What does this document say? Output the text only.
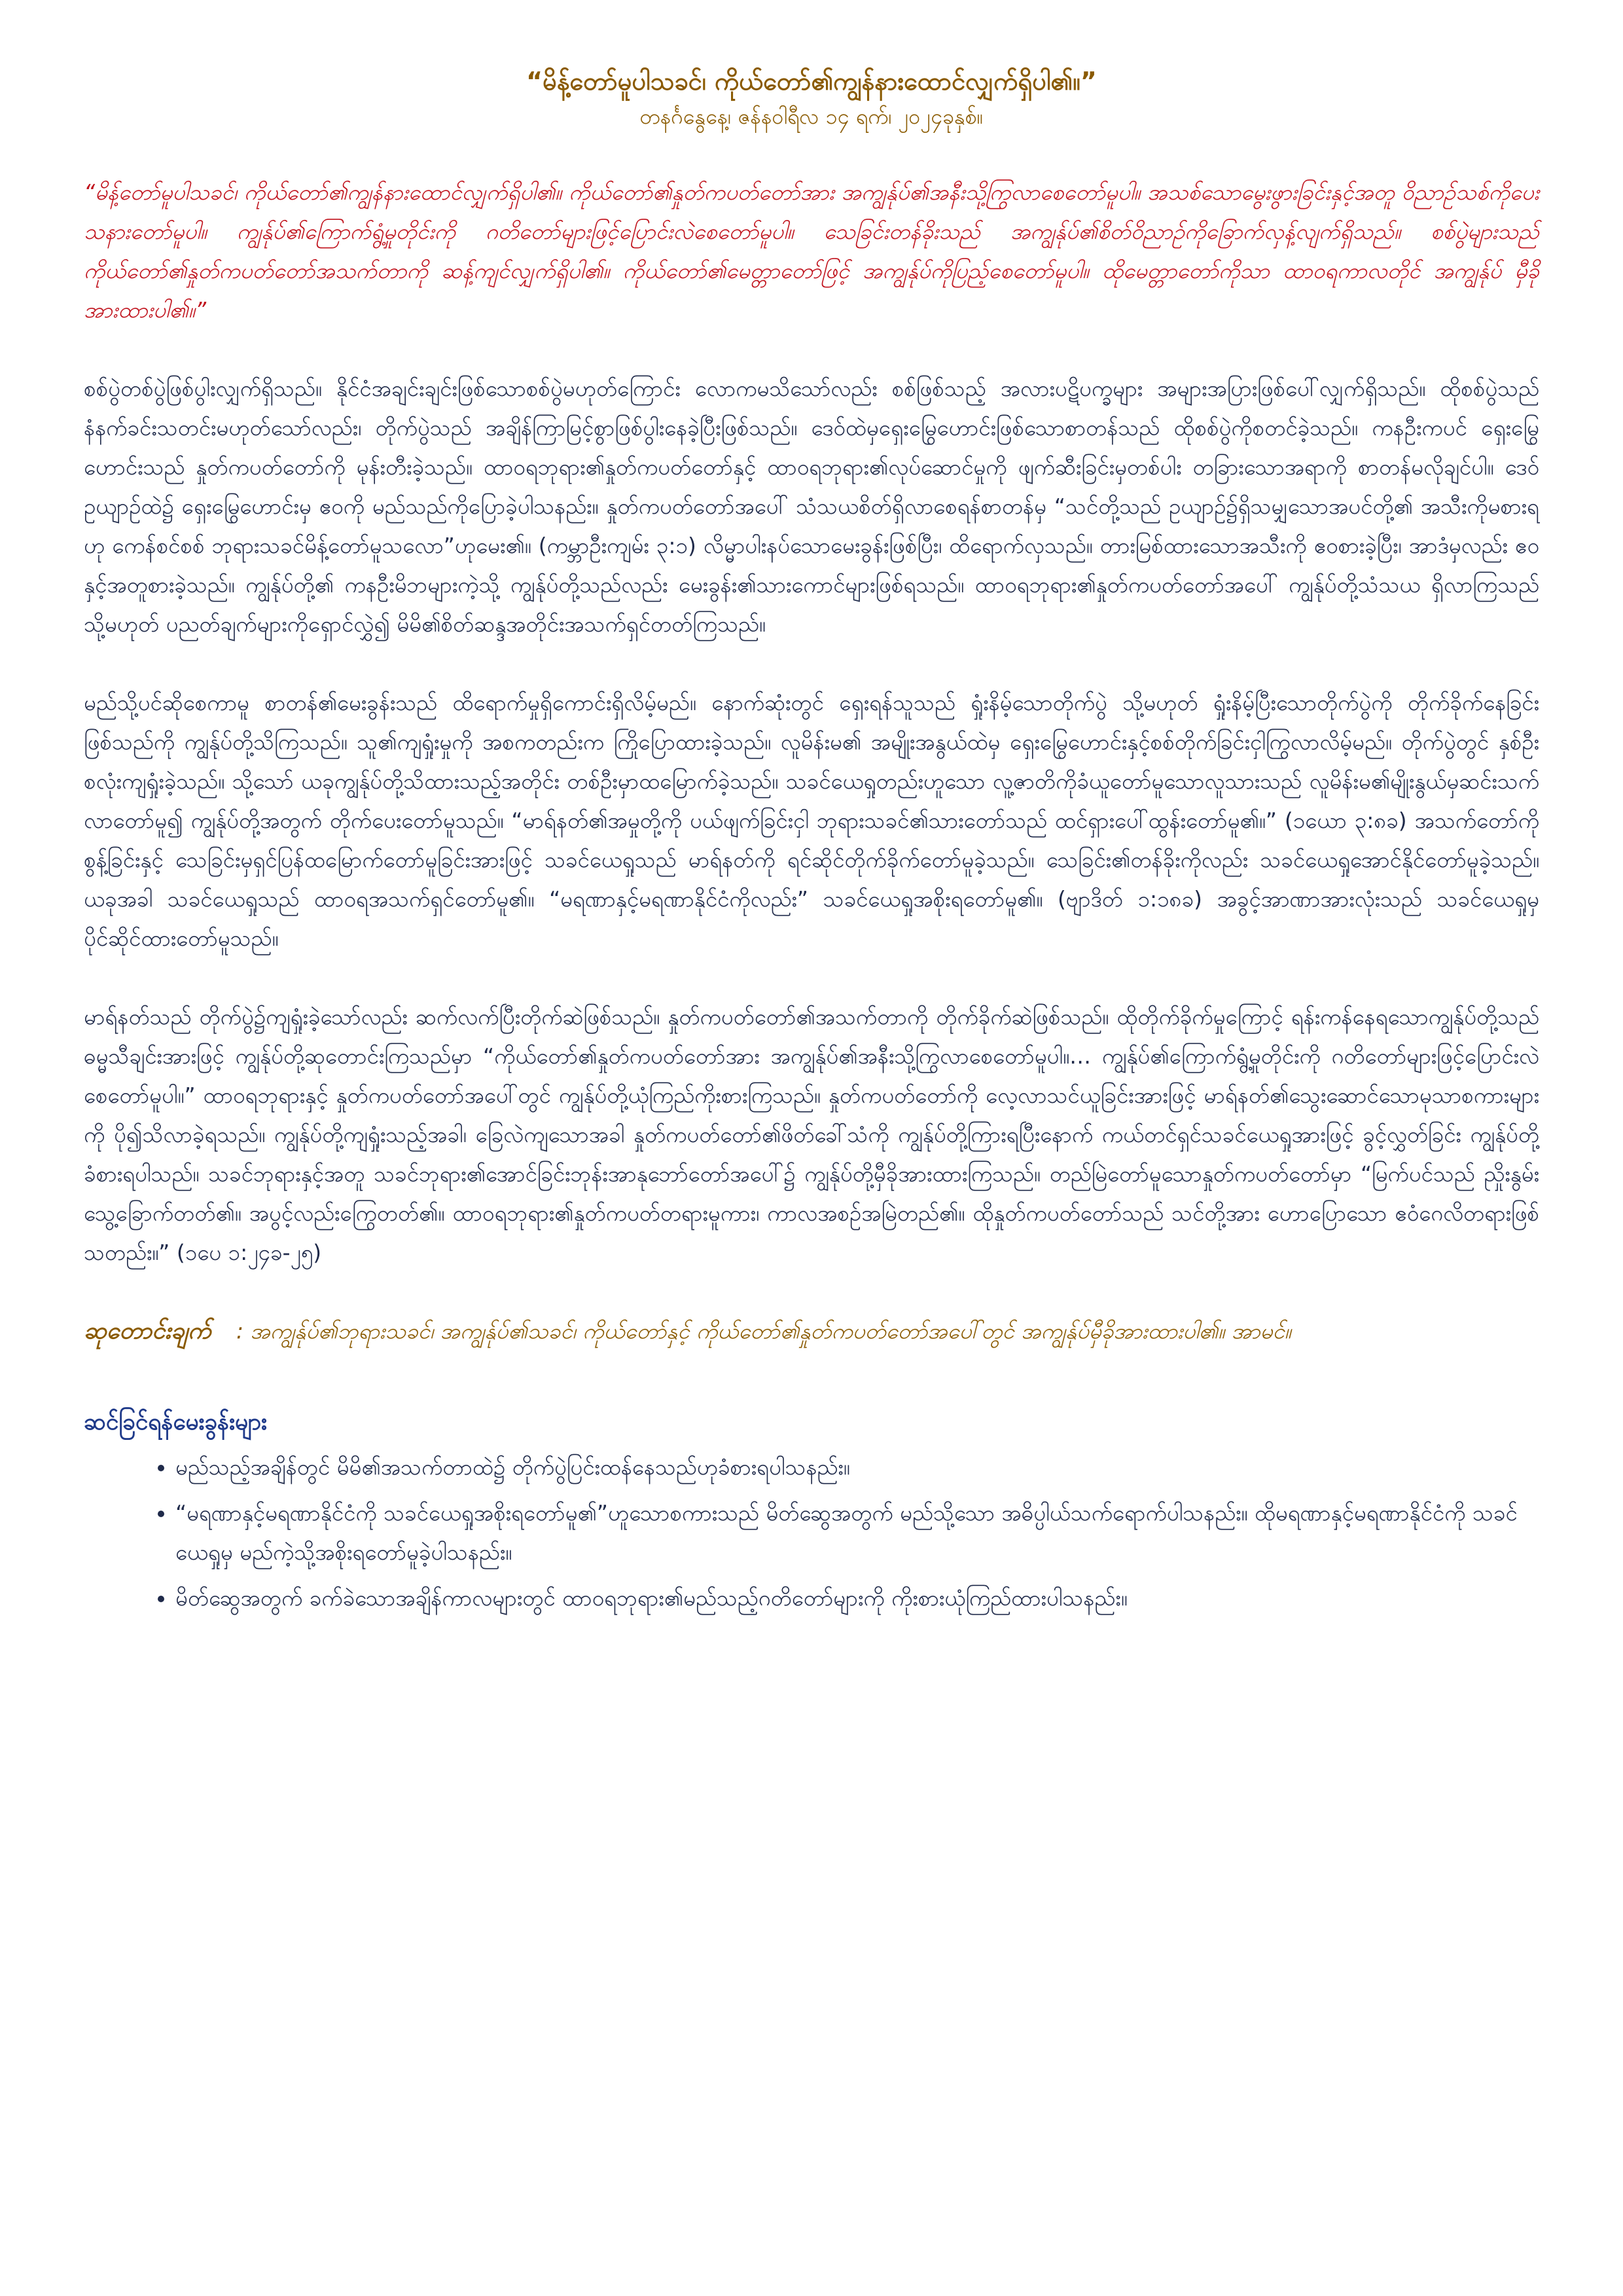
“မိန့်တော်မူပါသခင်၊ ကိုယ်တော်၏ကျွန်နားထောင်လျှက်ရှိပါ၏။”

တနင်္ဂနွေနေ့၊ ဇန်နဝါရီလ ၁၄ ရက်၊ ၂၀၂၄ခုနှစ်။

“မိန့်တော်မူပါသခင်၊ ကိုယ်တော်၏ကျွန်နားထောင်လျှက်ရှိပါ၏။ ကိုယ်တော်၏နှုတ်ကပတ်တော်အား အကျွန်ုပ်၏အနီးသို့ကြွလာစေတော်မူပါ။ အသစ်သောမွေးဖွားခြင်းနှင့်အတူ ဝိညာဉ်သစ်ကိုပေးသနားတော်မူပါ။ ကျွန်ုပ်၏ကြောက်ရွံ့မှုတိုင်းကို ဂတိတော်များဖြင့်ပြောင်းလဲစေတော်မူပါ။ သေခြင်းတန်ခိုးသည် အကျွန်ုပ်၏စိတ်ဝိညာဉ်ကိုခြောက်လှန့်လျက်ရှိသည်။ စစ်ပွဲများသည် ကိုယ်တော်၏နှုတ်ကပတ်တော်အသက်တာကို ဆန့်ကျင်လျှက်ရှိပါ၏။ ကိုယ်တော်၏မေတ္တာတော်ဖြင့် အကျွန်ုပ်ကိုပြည့်စေတော်မူပါ။ ထိုမေတ္တာတော်ကိုသာ ထာဝရကာလတိုင် အကျွန်ုပ် မှီခိုအားထားပါ၏။”
စစ်ပွဲတစ်ပွဲဖြစ်ပွါးလျှက်ရှိသည်။ နိုင်ငံအချင်းချင်းဖြစ်သောစစ်ပွဲမဟုတ်ကြောင်း လောကမသိသော်လည်း စစ်ဖြစ်သည့် အလားပဋိပက္ခများ အများအပြားဖြစ်ပေါ်လျှက်ရှိသည်။ ထိုစစ်ပွဲသည် နံနက်ခင်းသတင်းမဟုတ်သော်လည်း၊ တိုက်ပွဲသည် အချိန်ကြာမြင့်စွာဖြစ်ပွါးနေခဲ့ပြီးဖြစ်သည်။ ဒေဝ်ထဲမှရှေးမြွေဟောင်းဖြစ်သောစာတန်သည် ထိုစစ်ပွဲကိုစတင်ခဲ့သည်။ ကနဦးကပင် ရှေးမြွေဟောင်းသည် နှုတ်ကပတ်တော်ကို မုန်းတီးခဲ့သည်။ ထာဝရဘုရား၏နှုတ်ကပတ်တော်နှင့် ထာဝရဘုရား၏လုပ်ဆောင်မှုကို ဖျက်ဆီးခြင်းမှတစ်ပါး တခြားသောအရာကို စာတန်မလိုချင်ပါ။ ဒေဝ်ဥယျာဉ်ထဲ၌ ရှေးမြွေဟောင်းမှ ဧဝကို မည်သည်ကိုပြောခဲ့ပါသနည်း။ နှုတ်ကပတ်တော်အပေါ် သံသယစိတ်ရှိလာစေရန်စာတန်မှ “သင်တို့သည် ဥယျာဉ်၌ရှိသမျှသောအပင်တို့၏ အသီးကိုမစားရဟု ကေန်စင်စစ် ဘုရားသခင်မိန့်တော်မူသလော”ဟုမေး၏။ (ကမ္ဘာဦးကျမ်း ၃:၁) လိမ္မာပါးနပ်သောမေးခွန်းဖြစ်ပြီး၊ ထိရောက်လှသည်။ တားမြစ်ထားသောအသီးကို ဧဝစားခဲ့ပြီး၊ အာဒံမှလည်း ဧဝနှင့်အတူစားခဲ့သည်။ ကျွန်ုပ်တို့၏ ကနဦးမိဘများကဲ့သို့ ကျွန်ုပ်တို့သည်လည်း မေးခွန်း၏သားကောင်များဖြစ်ရသည်။ ထာဝရဘုရား၏နှုတ်ကပတ်တော်အပေါ် ကျွန်ုပ်တို့သံသယ ရှိလာကြသည် သို့မဟုတ် ပညတ်ချက်များကိုရှောင်လွှဲ၍ မိမိ၏စိတ်ဆန္ဒအတိုင်းအသက်ရှင်တတ်ကြသည်။
မည်သို့ပင်ဆိုစေကာမူ စာတန်၏မေးခွန်းသည် ထိရောက်မှုရှိကောင်းရှိလိမ့်မည်။ နောက်ဆုံးတွင် ရှေးရန်သူသည် ရှုံးနိမ့်သောတိုက်ပွဲ သို့မဟုတ် ရှုံးနိမ့်ပြီးသောတိုက်ပွဲကို တိုက်ခိုက်နေခြင်းဖြစ်သည်ကို ကျွန်ုပ်တို့သိကြသည်။ သူ၏ကျရှုံးမှုကို အစကတည်းက ကြိုပြောထားခဲ့သည်။ လူမိန်းမ၏ အမျိုးအနွယ်ထဲမှ ရှေးမြွေဟောင်းနှင့်စစ်တိုက်ခြင်းငှါကြွလာလိမ့်မည်။ တိုက်ပွဲတွင် နှစ်ဦးစလုံးကျရှုံးခဲ့သည်။ သို့သော် ယခုကျွန်ုပ်တို့သိထားသည့်အတိုင်း တစ်ဦးမှာထမြောက်ခဲ့သည်။ သခင်ယေရှုတည်းဟူသော လူ့ဇာတိကိုခံယူတော်မူသောလူသားသည် လူမိန်းမ၏မျိုးနွယ်မှဆင်းသက်လာတော်မူ၍ ကျွန်ုပ်တို့အတွက် တိုက်ပေးတော်မူသည်။ “မာရ်နတ်၏အမှုတို့ကို ပယ်ဖျက်ခြင်းငှါ ဘုရားသခင်၏သားတော်သည် ထင်ရှားပေါ်ထွန်းတော်မူ၏။” (၁ယော ၃:၈ခ) အသက်တော်ကိုစွန့်ခြင်းနှင့် သေခြင်းမှရှင်ပြန်ထမြောက်တော်မူခြင်းအားဖြင့် သခင်ယေရှုသည် မာရ်နတ်ကို ရင်ဆိုင်တိုက်ခိုက်တော်မူခဲ့သည်။ သေခြင်း၏တန်ခိုးကိုလည်း သခင်ယေရှုအောင်နိုင်တော်မူခဲ့သည်။ ယခုအခါ သခင်ယေရှုသည် ထာဝရအသက်ရှင်တော်မူ၏။ “မရဏာနှင့်မရဏာနိုင်ငံကိုလည်း” သခင်ယေရှုအစိုးရတော်မူ၏။ (ဗျာဒိတ် ၁:၁၈ခ) အခွင့်အာဏာအားလုံးသည် သခင်ယေရှုမှ ပိုင်ဆိုင်ထားတော်မူသည်။
မာရ်နတ်သည် တိုက်ပွဲ၌ကျရှုံးခဲ့သော်လည်း ဆက်လက်ပြီးတိုက်ဆဲဖြစ်သည်။ နှုတ်ကပတ်တော်၏အသက်တာကို တိုက်ခိုက်ဆဲဖြစ်သည်။ ထိုတိုက်ခိုက်မှုကြောင့် ရန်းကန်နေရသောကျွန်ုပ်တို့သည် ဓမ္မသီချင်းအားဖြင့် ကျွန်ုပ်တို့ဆုတောင်းကြသည်မှာ “ကိုယ်တော်၏နှုတ်ကပတ်တော်အား အကျွန်ုပ်၏အနီးသို့ကြွလာစေတော်မူပါ။… ကျွန်ုပ်၏ကြောက်ရွံ့မှုတိုင်းကို ဂတိတော်များဖြင့်ပြောင်းလဲစေတော်မူပါ။” ထာဝရဘုရားနှင့် နှုတ်ကပတ်တော်အပေါ်တွင် ကျွန်ုပ်တို့ယုံကြည်ကိုးစားကြသည်။ နှုတ်ကပတ်တော်ကို လေ့လာသင်ယူခြင်းအားဖြင့် မာရ်နတ်၏သွေးဆောင်သောမုသာစကားများကို ပို၍သိလာခဲ့ရသည်။ ကျွန်ုပ်တို့ကျရှုံးသည့်အခါ၊ ခြေလဲကျသောအခါ နှုတ်ကပတ်တော်၏ဖိတ်ခေါ်သံကို ကျွန်ုပ်တို့ကြားရပြီးနောက် ကယ်တင်ရှင်သခင်ယေရှုအားဖြင့် ခွင့်လွှတ်ခြင်း ကျွန်ုပ်တို့ခံစားရပါသည်။ သခင်ဘုရားနှင့်အတူ သခင်ဘုရား၏အောင်ခြင်းဘုန်းအာနုဘော်တော်အပေါ်၌ ကျွန်ုပ်တို့မှီခိုအားထားကြသည်။ တည်မြဲတော်မူသောနှုတ်ကပတ်တော်မှာ “မြက်ပင်သည် ညှိုးနွမ်းသွေ့ခြောက်တတ်၏။ အပွင့်လည်းကြွေတတ်၏။ ထာဝရဘုရား၏နှုတ်ကပတ်တရားမူကား၊ ကာလအစဉ်အမြဲတည်၏။ ထိုနှုတ်ကပတ်တော်သည် သင်တို့အား ဟောပြောသော ဧဝံဂေလိတရားဖြစ်သတည်း။” (၁ပေ ၁:၂၄ခ-၂၅)
ဆုတောင်းချက် : အကျွန်ုပ်၏ဘုရားသခင်၊ အကျွန်ုပ်၏သခင်၊ ကိုယ်တော်နှင့် ကိုယ်တော်၏နှုတ်ကပတ်တော်အပေါ်တွင် အကျွန်ုပ်မှီခိုအားထားပါ၏။ အာမင်။

ဆင်ခြင်ရန်မေးခွန်းများ

• မည်သည့်အချိန်တွင် မိမိ၏အသက်တာထဲ၌ တိုက်ပွဲပြင်းထန်နေသည်ဟုခံစားရပါသနည်း။
• “မရဏာနှင့်မရဏာနိုင်ငံကို သခင်ယေရှုအစိုးရတော်မူ၏”ဟူသောစကားသည် မိတ်ဆွေအတွက် မည်သို့သော အဓိပ္ပါယ်သက်ရောက်ပါသနည်း။ ထိုမရဏာနှင့်မရဏာနိုင်ငံကို သခင်ယေရှုမှ မည်ကဲ့သို့အစိုးရတော်မူခဲ့ပါသနည်း။
• မိတ်ဆွေအတွက် ခက်ခဲသောအချိန်ကာလများတွင် ထာဝရဘုရား၏မည်သည့်ဂတိတော်များကို ကိုးစားယုံကြည်ထားပါသနည်း။
